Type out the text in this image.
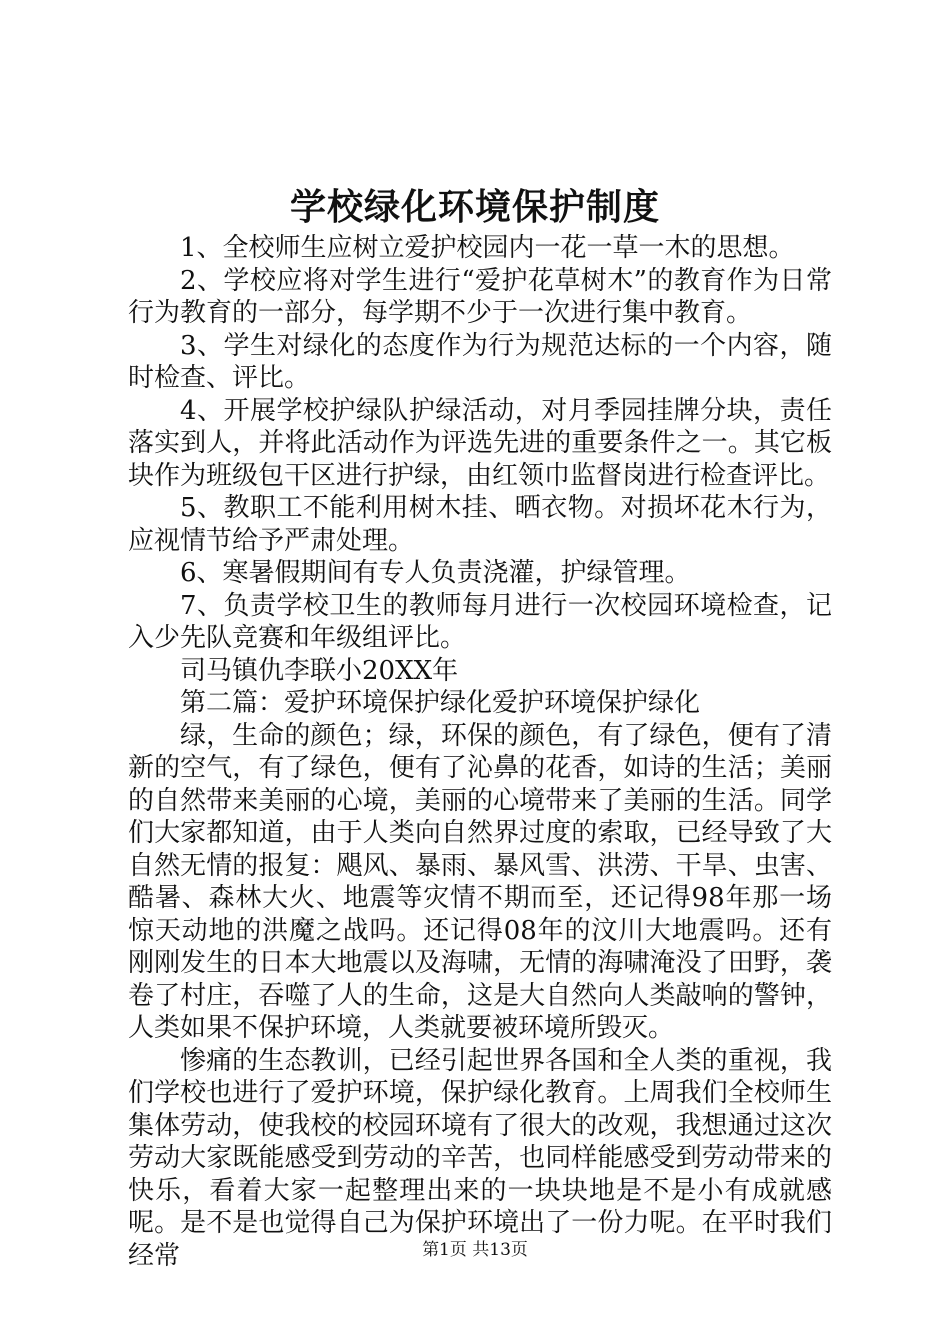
学校绿化环境保护制度

1、全校师生应树立爱护校园内一花一草一木的思想。

2、学校应将对学生进行“爱护花草树木”的教育作为日常行为教育的一部分，每学期不少于一次进行集中教育。

3、学生对绿化的态度作为行为规范达标的一个内容，随时检查、评比。

4、开展学校护绿队护绿活动，对月季园挂牌分块，责任落实到人，并将此活动作为评选先进的重要条件之一。其它板块作为班级包干区进行护绿，由红领巾监督岗进行检查评比。

5、教职工不能利用树木挂、晒衣物。对损坏花木行为，应视情节给予严肃处理。

6、寒暑假期间有专人负责浇灌，护绿管理。

7、负责学校卫生的教师每月进行一次校园环境检查，记入少先队竞赛和年级组评比。

司马镇仇李联小20XX年

第二篇：爱护环境保护绿化爱护环境保护绿化

绿，生命的颜色；绿，环保的颜色，有了绿色，便有了清新的空气，有了绿色，便有了沁鼻的花香，如诗的生活；美丽的自然带来美丽的心境，美丽的心境带来了美丽的生活。同学们大家都知道，由于人类向自然界过度的索取，已经导致了大自然无情的报复：飓风、暴雨、暴风雪、洪涝、干旱、虫害、酷暑、森林大火、地震等灾情不期而至，还记得98年那一场惊天动地的洪魔之战吗。还记得08年的汶川大地震吗。还有刚刚发生的日本大地震以及海啸，无情的海啸淹没了田野，袭卷了村庄，吞噬了人的生命，这是大自然向人类敲响的警钟，人类如果不保护环境，人类就要被环境所毁灭。

惨痛的生态教训，已经引起世界各国和全人类的重视，我们学校也进行了爱护环境，保护绿化教育。上周我们全校师生集体劳动，使我校的校园环境有了很大的改观，我想通过这次劳动大家既能感受到劳动的辛苦，也同样能感受到劳动带来的快乐，看着大家一起整理出来的一块块地是不是小有成就感呢。是不是也觉得自己为保护环境出了一份力呢。在平时我们经常	第1页 共13页
